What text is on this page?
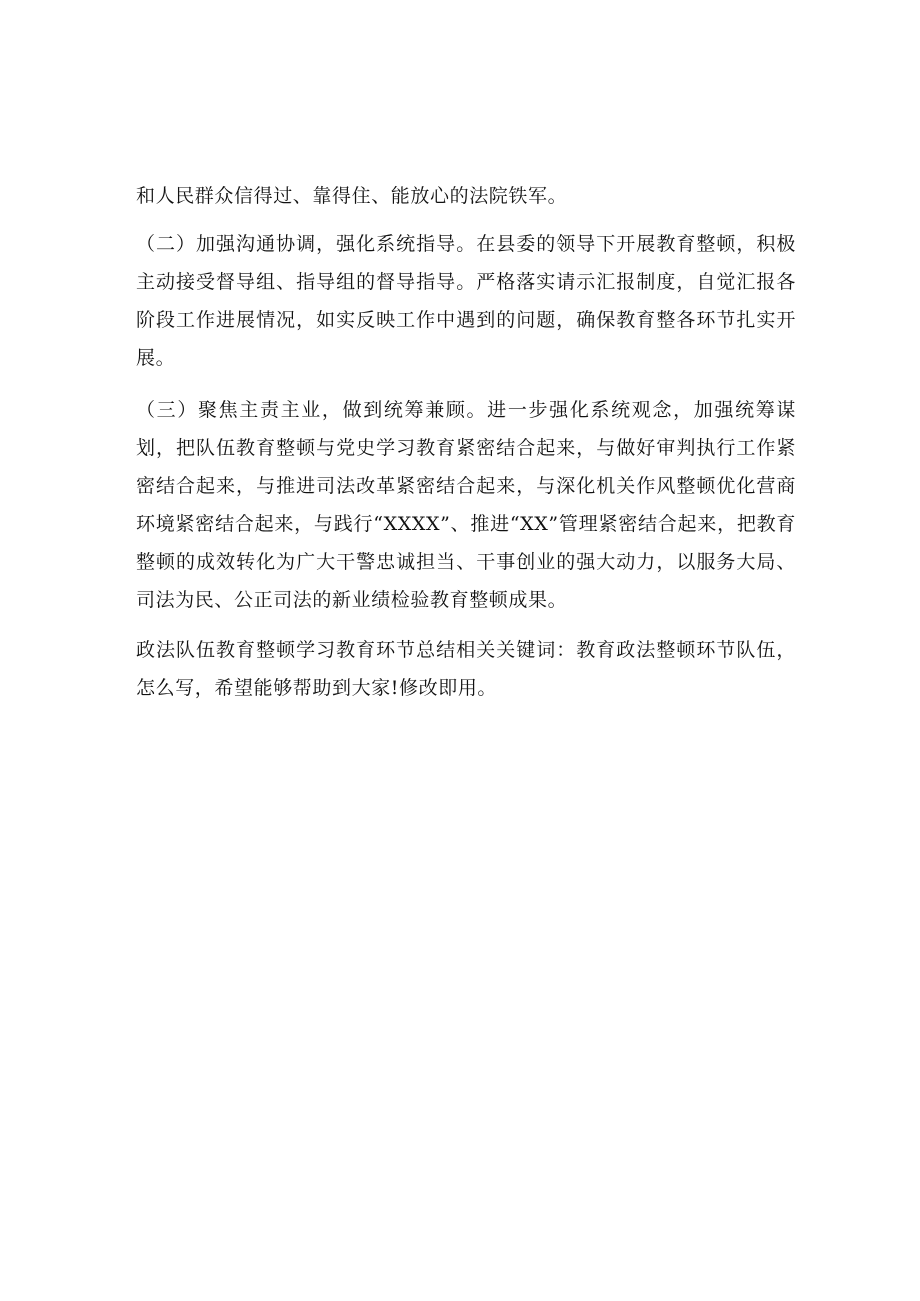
和人民群众信得过、靠得住、能放心的法院铁军。

（二）加强沟通协调，强化系统指导。在县委的领导下开展教育整顿，积极主动接受督导组、指导组的督导指导。严格落实请示汇报制度，自觉汇报各阶段工作进展情况，如实反映工作中遇到的问题，确保教育整各环节扎实开展。

（三）聚焦主责主业，做到统筹兼顾。进一步强化系统观念，加强统筹谋划，把队伍教育整顿与党史学习教育紧密结合起来，与做好审判执行工作紧密结合起来，与推进司法改革紧密结合起来，与深化机关作风整顿优化营商环境紧密结合起来，与践行“XXXX”、推进“XX”管理紧密结合起来，把教育整顿的成效转化为广大干警忠诚担当、干事创业的强大动力，以服务大局、司法为民、公正司法的新业绩检验教育整顿成果。

政法队伍教育整顿学习教育环节总结相关关键词：教育政法整顿环节队伍，怎么写，希望能够帮助到大家!修改即用。
